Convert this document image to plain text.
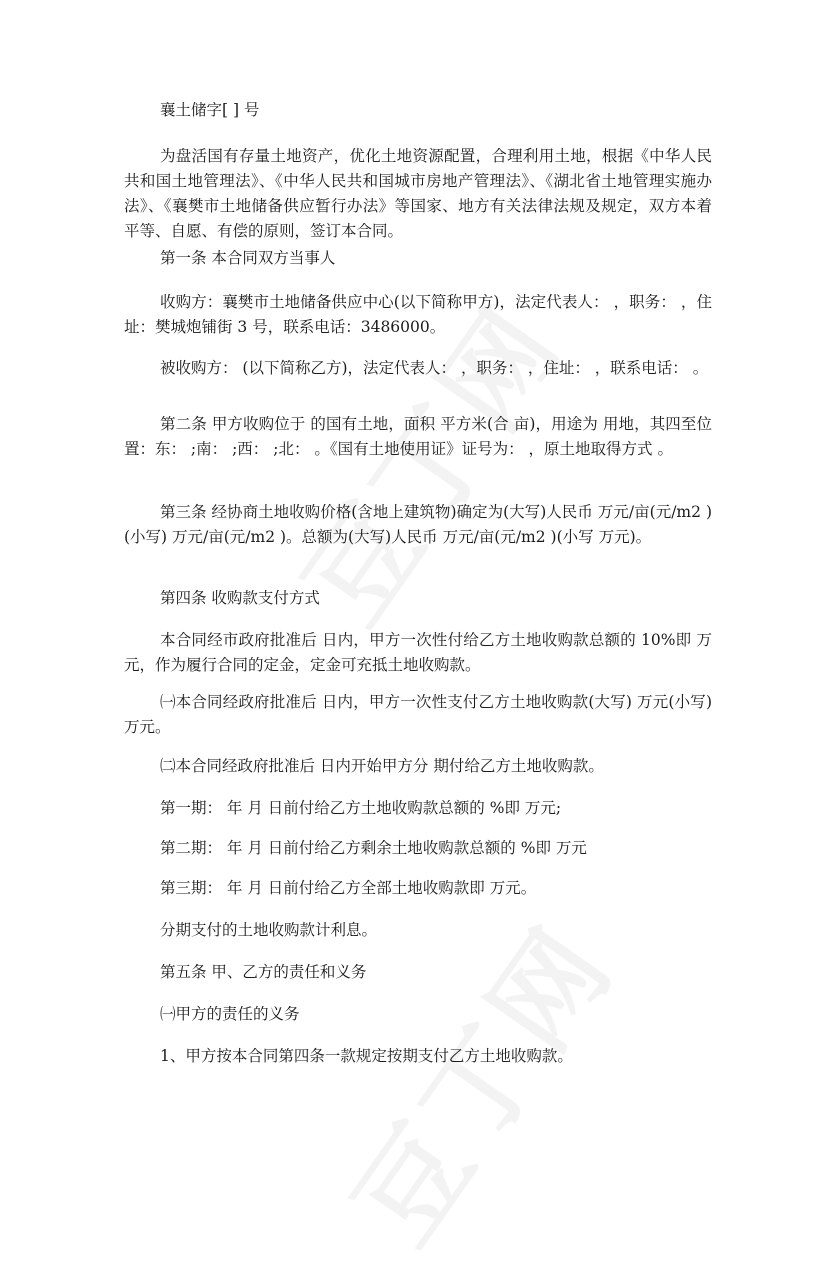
襄土储字[ ] 号

为盘活国有存量土地资产，优化土地资源配置，合理利用土地，根据《中华人民共和国土地管理法》、《中华人民共和国城市房地产管理法》、《湖北省土地管理实施办法》、《襄樊市土地储备供应暂行办法》等国家、地方有关法律法规及规定，双方本着平等、自愿、有偿的原则，签订本合同。

第一条 本合同双方当事人

收购方：襄樊市土地储备供应中心(以下简称甲方)，法定代表人： ，职务： ，住址：樊城炮铺街 3 号，联系电话：3486000。

被收购方： (以下简称乙方)，法定代表人： ，职务： ，住址： ，联系电话： 。

第二条 甲方收购位于 的国有土地，面积 平方米(合 亩)，用途为 用地，其四至位置：东： ;南： ;西： ;北： 。《国有土地使用证》证号为： ，原土地取得方式 。

第三条 经协商土地收购价格(含地上建筑物)确定为(大写)人民币 万元/亩(元/m2 )(小写) 万元/亩(元/m2 )。总额为(大写)人民币 万元/亩(元/m2 )(小写 万元)。

第四条 收购款支付方式

本合同经市政府批准后 日内，甲方一次性付给乙方土地收购款总额的 10%即 万元，作为履行合同的定金，定金可充抵土地收购款。

㈠本合同经政府批准后 日内，甲方一次性支付乙方土地收购款(大写) 万元(小写) 万元。

㈡本合同经政府批准后 日内开始甲方分 期付给乙方土地收购款。

第一期： 年 月 日前付给乙方土地收购款总额的 %即 万元;

第二期： 年 月 日前付给乙方剩余土地收购款总额的 %即 万元

第三期： 年 月 日前付给乙方全部土地收购款即 万元。

分期支付的土地收购款计利息。

第五条 甲、乙方的责任和义务

㈠甲方的责任的义务

1、甲方按本合同第四条一款规定按期支付乙方土地收购款。
